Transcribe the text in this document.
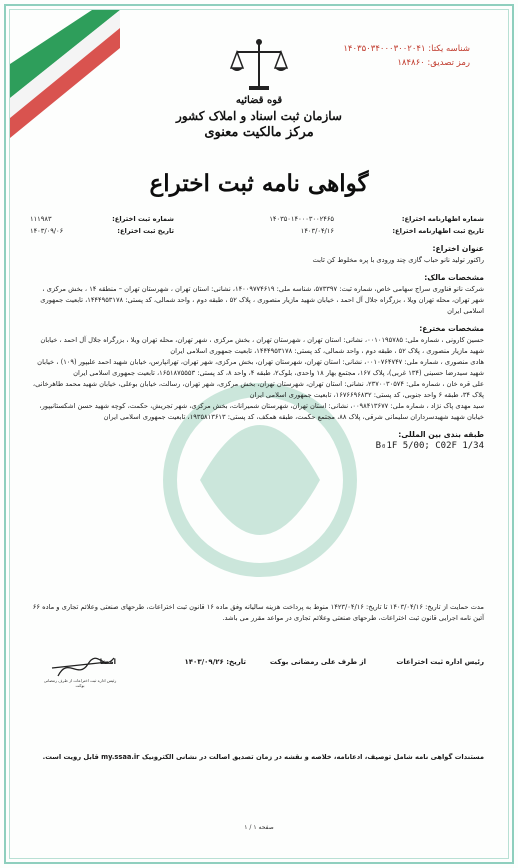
شناسه یکتا: ۱۴۰۳۵۰۳۴۰۰۰۳۰۰۲۰۴۱
رمز تصدیق: ۱۸۴۸۶۰
قوه قضائیه
سازمان ثبت اسناد و املاک کشور
مرکز مالکیت معنوی
گواهی نامه ثبت اختراع
شماره اظهارنامه اختراع:
۱۴۰۳۵۰۱۴۰۰۰۳۰۰۲۴۶۵
شماره ثبت اختراع:
۱۱۱۹۸۳
تاریخ ثبت اظهارنامه اختراع:
۱۴۰۳/۰۴/۱۶
تاریخ ثبت اختراع:
۱۴۰۳/۰۹/۰۶
عنوان اختراع:

راکتور تولید نانو حباب گازی چند ورودی با پره مخلوط کن ثابت

مشخصات مالک:

شرکت نانو فناوری سراج سهامی خاص، شماره ثبت: ۵۷۳۳۹۷، شناسه ملی: ۱۴۰۰۹۷۷۴۶۱۹، نشانی: استان تهران ، شهرستان تهران – منطقه ۱۴ ، بخش مرکزی ، شهر تهران، محله تهران ویلا ، بزرگراه جلال آل احمد ، خیابان شهید مازیار منصوری ، پلاک ۵۲ ، طبقه دوم ، واحد شمالی، کد پستی: ۱۴۴۴۹۵۳۱۷۸، تابعیت جمهوری اسلامی ایران

مشخصات مخترع:

حسین کارونی ، شماره ملی: ۰۰۱۰۱۹۵۷۸۵، نشانی: استان تهران ، شهرستان تهران ، بخش مرکزی ، شهر تهران، محله تهران ویلا ، بزرگراه جلال آل احمد ، خیابان شهید مازیار منصوری ، پلاک ۵۲ ، طبقه دوم ، واحد شمالی، کد پستی: ۱۴۴۴۹۵۳۱۷۸، تابعیت جمهوری اسلامی ایران

هادی منصوری ، شماره ملی: ۰۰۱۰۷۶۴۷۴۷، نشانی: استان تهران، شهرستان تهران، بخش مرکزی، شهر تهران، تهرانپارس، خیابان شهید احمد علیپور (۱۰۹) ، خیابان شهید سیدرضا حسینی (۱۳۴ غربی)، پلاک ۱۶۷، مجتمع بهار ۱۸ واحدی، بلوک۲، طبقه ۴، واحد ۸، کد پستی: ۱۶۵۱۸۷۵۵۵۳، تابعیت جمهوری اسلامی ایران

علی قره خان ، شماره ملی: ۲۳۷۰۰۳۰۵۷۴، نشانی: استان تهران، شهرستان تهران، بخش مرکزی، شهر تهران، رسالت، خیابان بوعلی، خیابان شهید محمد طاهرخانی، پلاک ۳۴، طبقه ۶ واحد جنوبی، کد پستی: ۱۶۷۶۶۹۶۸۳۲، تابعیت جمهوری اسلامی ایران

سید مهدی پاک نژاد ، شماره ملی: ۰۰۹۸۴۱۳۶۷۷، نشانی: استان تهران، شهرستان شمیرانات، بخش مرکزی، شهر تجریش، حکمت، کوچه شهید حسن اشکستانیپور، خیابان شهید شهیدسرداران سلیمانی شرقی، پلاک ۸۸، مجتمع حکمت، طبقه همکف، کد پستی: ۱۹۳۵۸۱۳۶۱۳، تابعیت جمهوری اسلامی ایران

طبقه بندی بین المللی:
B₀1F 5/00; C02F 1/34
مدت حمایت از تاریخ: ۱۴۰۳/۰۴/۱۶ تا تاریخ: ۱۴۲۳/۰۴/۱۶ منوط به پرداخت هزینه سالیانه وفق ماده ۱۶ قانون ثبت اختراعات، طرحهای صنعتی وعلائم تجاری و ماده ۶۶ آئین نامه اجرایی قانون ثبت اختراعات، طرحهای صنعتی وعلائم تجاری در مواعد مقرر می باشد.
رئیس اداره ثبت اختراعات
از طرف علی رمضانی بوکت
تاریخ: ۱۴۰۳/۰۹/۲۶
امضا
رئیس اداره ثبت اختراعات از طرف رمضانی بوکت
مستندات گواهی نامه شامل توصیف، ادعانامه، خلاصه و نقشه در زمان تصدیق اصالت در نشانی الکترونیک my.ssaa.ir قابل رویت است.
صفحه ۱ / ۱
